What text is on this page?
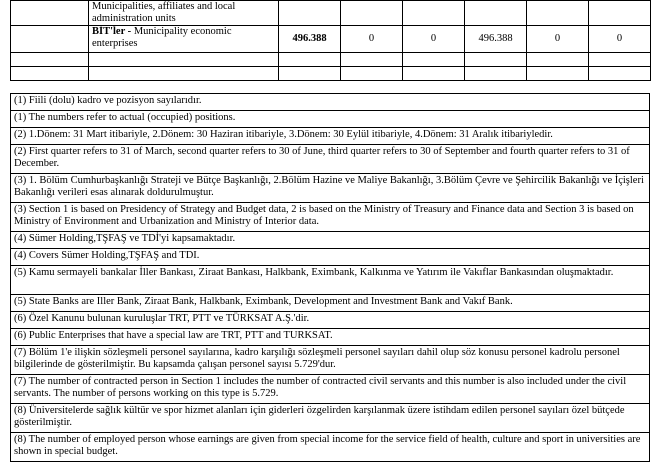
	Municipalities, affiliates and local administration units						
	BİT'ler - Municipality economic enterprises	496.388	0	0	496.388	0	0

(1) Fiili (dolu) kadro ve pozisyon sayılarıdır.
(1) The numbers refer to actual (occupied) positions.
(2) 1.Dönem: 31 Mart itibariyle, 2.Dönem: 30 Haziran itibariyle, 3.Dönem: 30 Eylül itibariyle, 4.Dönem: 31 Aralık itibariyledir.
(2) First quarter refers to 31 of March, second quarter refers to 30 of June, third quarter refers to 30 of September and fourth quarter refers to 31 of December.
(3) 1. Bölüm Cumhurbaşkanlığı Strateji ve Bütçe Başkanlığı, 2.Bölüm Hazine ve Maliye Bakanlığı, 3.Bölüm Çevre ve Şehircilik Bakanlığı ve İçişleri Bakanlığı verileri esas alınarak doldurulmuştur.
(3) Section 1 is based on Presidency of Strategy and Budget data, 2 is based on the Ministry of Treasury and Finance data and Section 3 is based on Ministry of Environment and Urbanization and Ministry of Interior data.
(4) Sümer Holding,TŞFAŞ ve TDİ'yi kapsamaktadır.
(4) Covers Sümer Holding,TŞFAŞ and TDI.
(5) Kamu sermayeli bankalar İller Bankası, Ziraat Bankası, Halkbank, Eximbank, Kalkınma ve Yatırım ile Vakıflar Bankasından oluşmaktadır.
(5) State Banks are Iller Bank, Ziraat Bank, Halkbank, Eximbank, Development and Investment Bank and Vakıf Bank.
(6) Özel Kanunu bulunan kuruluşlar TRT, PTT ve TÜRKSAT A.Ş.'dir.
(6) Public Enterprises that have a special law are TRT, PTT and TURKSAT.
(7) Bölüm 1'e ilişkin sözleşmeli personel sayılarına, kadro karşılığı sözleşmeli personel sayıları dahil olup söz konusu personel kadrolu personel bilgilerinde de gösterilmiştir. Bu kapsamda çalışan personel sayısı 5.729'dur.
(7) The number of contracted person in Section 1 includes the number of contracted civil servants and this number is also included under the civil servants. The number of persons working on this type is 5.729.
(8) Üniversitelerde sağlık kültür ve spor hizmet alanları için giderleri özgelirden karşılanmak üzere istihdam edilen personel sayıları özel bütçede gösterilmiştir.
(8) The number of employed person whose earnings are given from special income for the service field of health, culture and sport in universities are shown in special budget.
